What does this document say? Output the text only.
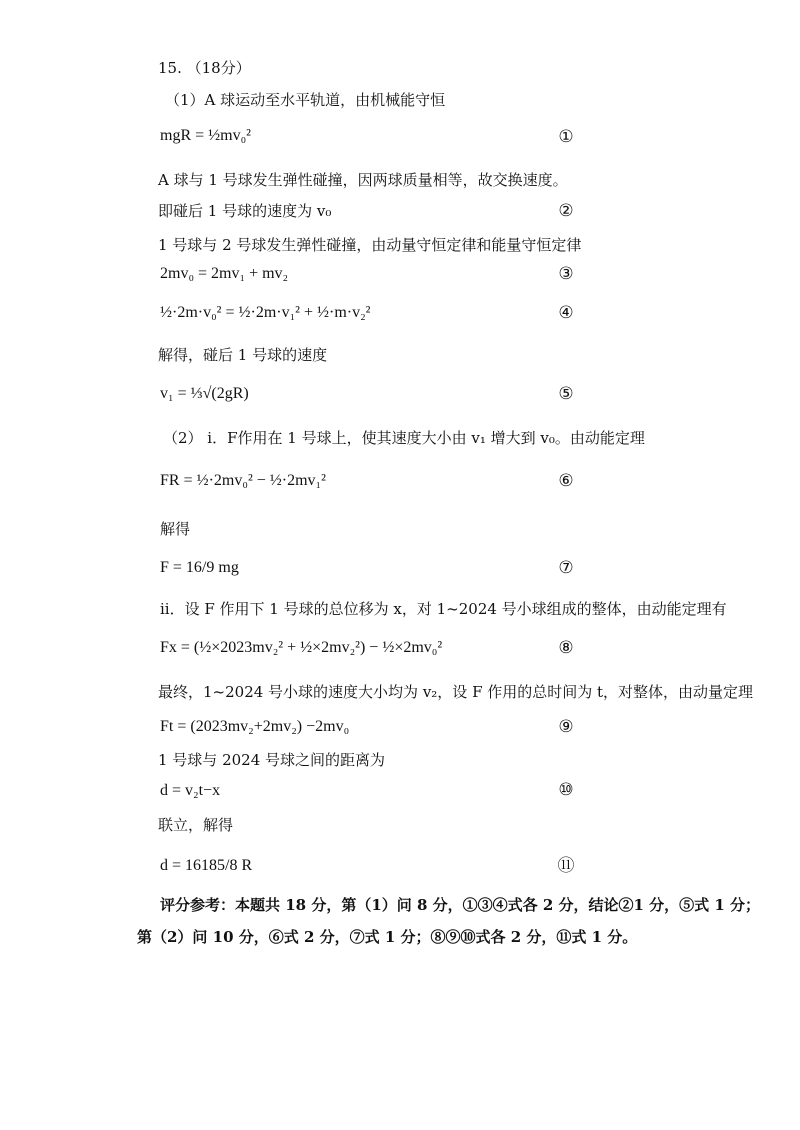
15. （18分）
（1）A 球运动至水平轨道，由机械能守恒
mgR = ½mv₀²	①
A 球与 1 号球发生弹性碰撞，因两球质量相等，故交换速度。
即碰后 1 号球的速度为 v₀	②
1 号球与 2 号球发生弹性碰撞，由动量守恒定律和能量守恒定律
2mv₀ = 2mv₁ + mv₂	③
½·2m·v₀² = ½·2m·v₁² + ½·m·v₂²	④
解得，碰后 1 号球的速度
v₁ = ⅓√(2gR)	⑤
（2） i．F作用在 1 号球上，使其速度大小由 v₁ 增大到 v₀。由动能定理
FR = ½·2mv₀² − ½·2mv₁²	⑥
解得
F = 16/9 mg	⑦
ii．设 F 作用下 1 号球的总位移为 x，对 1~2024 号小球组成的整体，由动能定理有
Fx = (½×2023mv₂² + ½×2mv₂²) − ½×2mv₀²	⑧
最终，1~2024 号小球的速度大小均为 v₂，设 F 作用的总时间为 t，对整体，由动量定理
Ft = (2023mv₂+2mv₂) −2mv₀	⑨
1 号球与 2024 号球之间的距离为
d = v₂t−x	⑩
联立，解得
d = 16185/8 R	⑪
评分参考：本题共 18 分，第（1）问 8 分，①③④式各 2 分，结论②1 分，⑤式 1 分；
第（2）问 10 分，⑥式 2 分，⑦式 1 分；⑧⑨⑩式各 2 分，⑪式 1 分。
